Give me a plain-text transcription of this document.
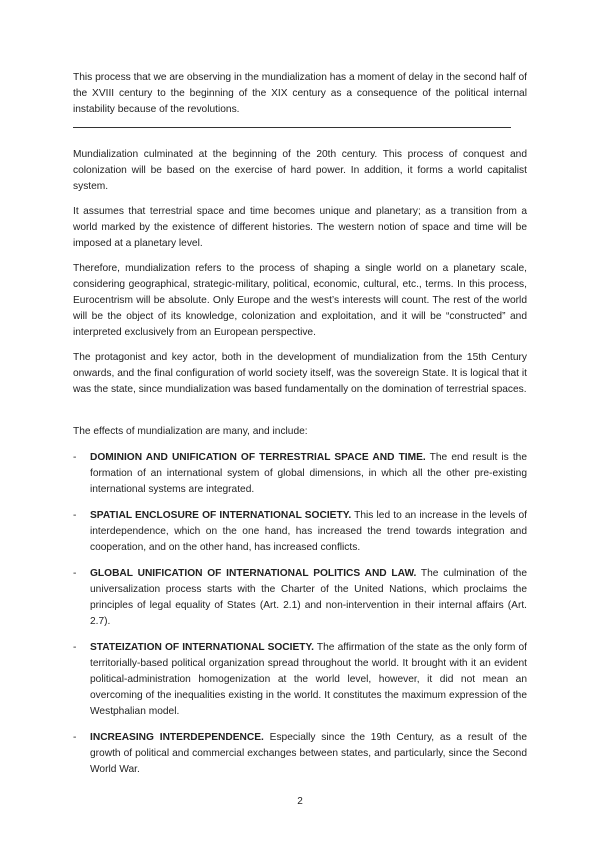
This process that we are observing in the mundialization has a moment of delay in the second half of the XVIII century to the beginning of the XIX century as a consequence of the political internal instability because of the revolutions.

Mundialization culminated at the beginning of the 20th century. This process of conquest and colonization will be based on the exercise of hard power. In addition, it forms a world capitalist system.

It assumes that terrestrial space and time becomes unique and planetary; as a transition from a world marked by the existence of different histories. The western notion of space and time will be imposed at a planetary level.

Therefore, mundialization refers to the process of shaping a single world on a planetary scale, considering geographical, strategic-military, political, economic, cultural, etc., terms. In this process, Eurocentrism will be absolute. Only Europe and the west’s interests will count. The rest of the world will be the object of its knowledge, colonization and exploitation, and it will be “constructed” and interpreted exclusively from an European perspective.

The protagonist and key actor, both in the development of mundialization from the 15th Century onwards, and the final configuration of world society itself, was the sovereign State. It is logical that it was the state, since mundialization was based fundamentally on the domination of terrestrial spaces.

The effects of mundialization are many, and include:

- DOMINION AND UNIFICATION OF TERRESTRIAL SPACE AND TIME. The end result is the formation of an international system of global dimensions, in which all the other pre-existing international systems are integrated.

- SPATIAL ENCLOSURE OF INTERNATIONAL SOCIETY. This led to an increase in the levels of interdependence, which on the one hand, has increased the trend towards integration and cooperation, and on the other hand, has increased conflicts.

- GLOBAL UNIFICATION OF INTERNATIONAL POLITICS AND LAW. The culmination of the universalization process starts with the Charter of the United Nations, which proclaims the principles of legal equality of States (Art. 2.1) and non-intervention in their internal affairs (Art. 2.7).

- STATEIZATION OF INTERNATIONAL SOCIETY. The affirmation of the state as the only form of territorially-based political organization spread throughout the world. It brought with it an evident political-administration homogenization at the world level, however, it did not mean an overcoming of the inequalities existing in the world. It constitutes the maximum expression of the Westphalian model.

- INCREASING INTERDEPENDENCE. Especially since the 19th Century, as a result of the growth of political and commercial exchanges between states, and particularly, since the Second World War.

2
